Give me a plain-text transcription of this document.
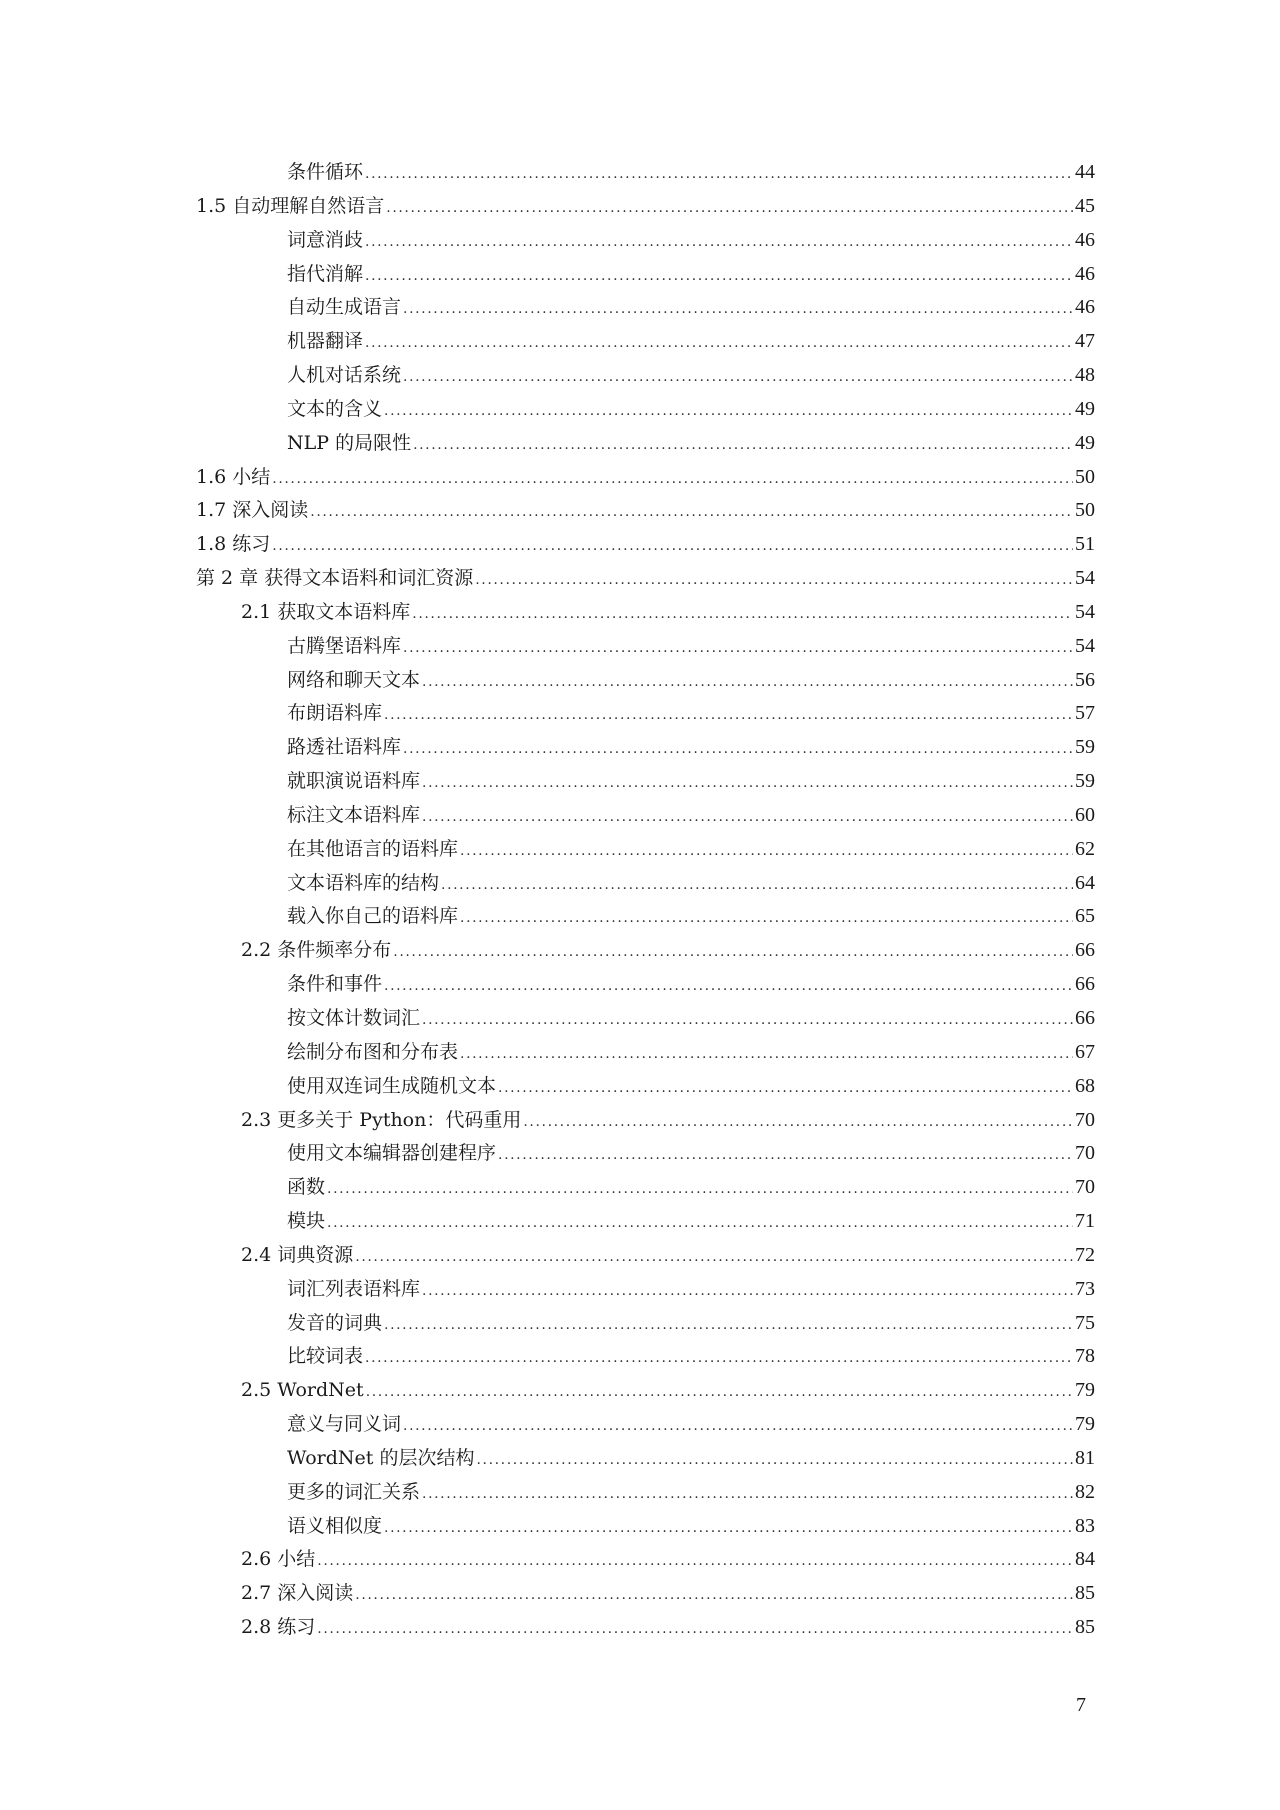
条件循环 .....	44
1.5 自动理解自然语言 .....	45
词意消歧 .....	46
指代消解 .....	46
自动生成语言 .....	46
机器翻译 .....	47
人机对话系统 .....	48
文本的含义 .....	49
NLP 的局限性 .....	49
1.6 小结 .....	50
1.7 深入阅读 .....	50
1.8 练习 .....	51
第 2 章 获得文本语料和词汇资源 .....	54
2.1 获取文本语料库 .....	54
古腾堡语料库 .....	54
网络和聊天文本 .....	56
布朗语料库 .....	57
路透社语料库 .....	59
就职演说语料库 .....	59
标注文本语料库 .....	60
在其他语言的语料库 .....	62
文本语料库的结构 .....	64
载入你自己的语料库 .....	65
2.2 条件频率分布 .....	66
条件和事件 .....	66
按文体计数词汇 .....	66
绘制分布图和分布表 .....	67
使用双连词生成随机文本 .....	68
2.3 更多关于 Python：代码重用 .....	70
使用文本编辑器创建程序 .....	70
函数 .....	70
模块 .....	71
2.4 词典资源 .....	72
词汇列表语料库 .....	73
发音的词典 .....	75
比较词表 .....	78
2.5 WordNet .....	79
意义与同义词 .....	79
WordNet 的层次结构 .....	81
更多的词汇关系 .....	82
语义相似度 .....	83
2.6 小结 .....	84
2.7 深入阅读 .....	85
2.8 练习 .....	85
7
